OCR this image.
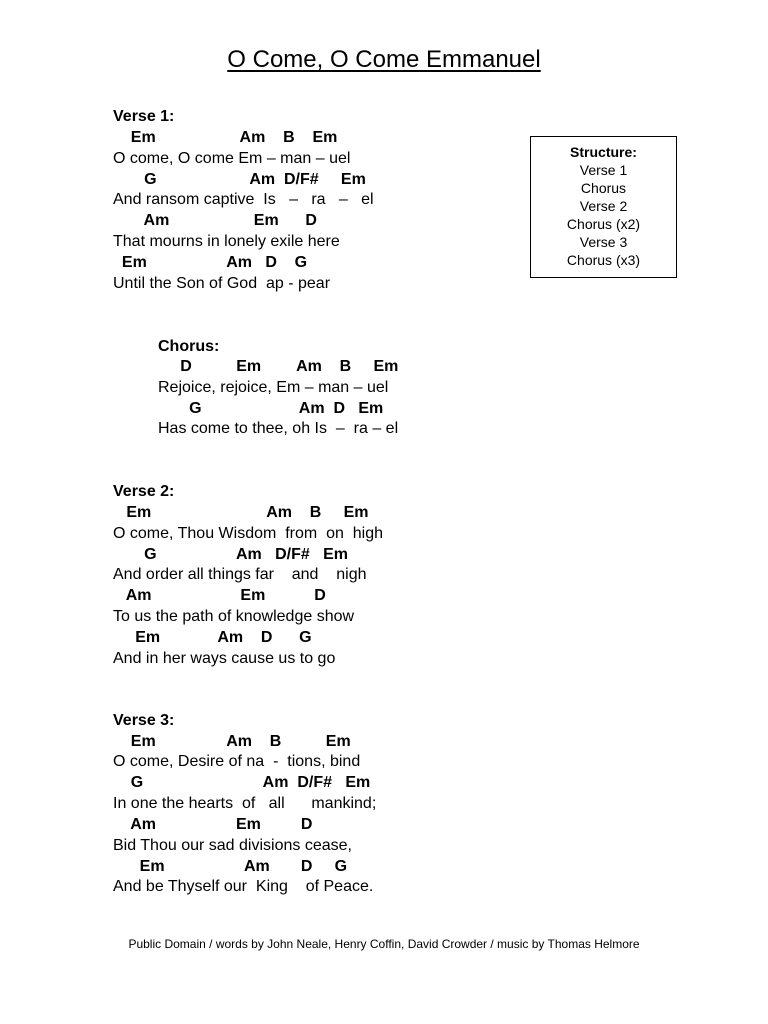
O Come, O Come Emmanuel
Verse 1:
Em                   Am    B    Em
O come, O come Em – man – uel
G                     Am  D/F#     Em
And ransom captive  Is   –   ra   –   el
Am                   Em      D
That mourns in lonely exile here
Em                  Am   D    G
Until the Son of God  ap - pear
Chorus:
D          Em        Am    B     Em
Rejoice, rejoice, Em – man – uel
G                      Am  D   Em
Has come to thee, oh Is  –  ra – el
Verse 2:
Em                          Am    B     Em
O come, Thou Wisdom  from  on  high
G                  Am   D/F#   Em
And order all things far    and    nigh
Am                    Em           D
To us the path of knowledge show
Em             Am    D      G
And in her ways cause us to go
Verse 3:
Em                Am    B          Em
O come, Desire of na  -  tions, bind
G                           Am  D/F#   Em
In one the hearts  of   all      mankind;
Am                  Em         D
Bid Thou our sad divisions cease,
Em                  Am       D     G
And be Thyself our  King    of Peace.
Structure:
Verse 1
Chorus
Verse 2
Chorus (x2)
Verse 3
Chorus (x3)
Public Domain / words by John Neale, Henry Coffin, David Crowder / music by Thomas Helmore
